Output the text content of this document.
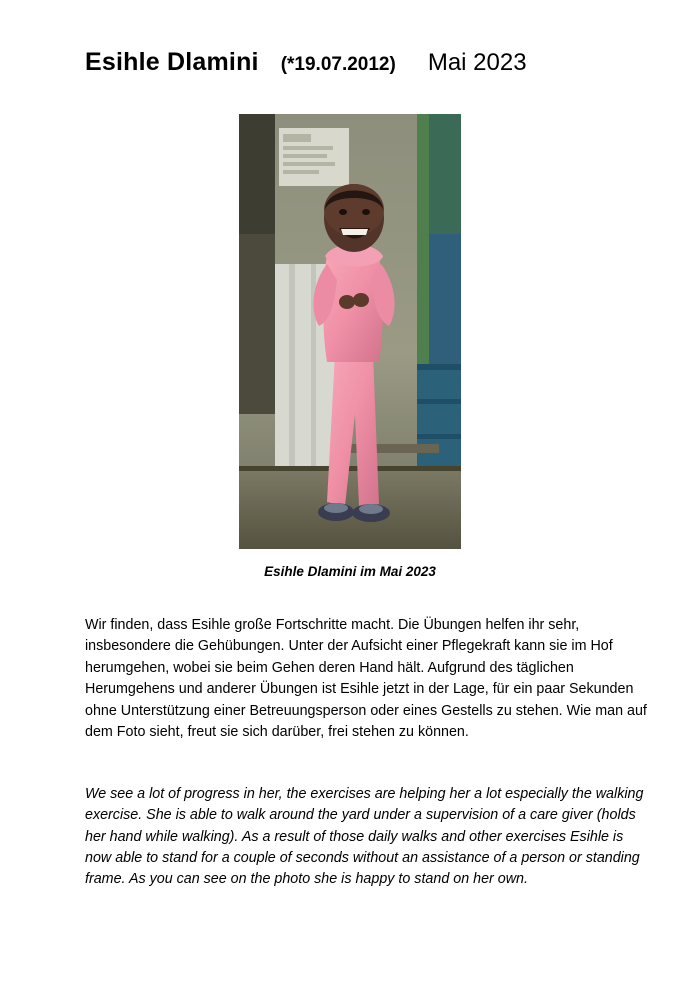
Esihle Dlamini (*19.07.2012) Mai 2023
Esihle Dlamini im Mai 2023

Wir finden, dass Esihle große Fortschritte macht. Die Übungen helfen ihr sehr, insbesondere die Gehübungen. Unter der Aufsicht einer Pflegekraft kann sie im Hof herumgehen, wobei sie beim Gehen deren Hand hält. Aufgrund des täglichen Herumgehens und anderer Übungen ist Esihle jetzt in der Lage, für ein paar Sekunden ohne Unterstützung einer Betreuungsperson oder eines Gestells zu stehen. Wie man auf dem Foto sieht, freut sie sich darüber, frei stehen zu können.

We see a lot of progress in her, the exercises are helping her a lot especially the walking exercise. She is able to walk around the yard under a supervision of a care giver (holds her hand while walking). As a result of those daily walks and other exercises Esihle is now able to stand for a couple of seconds without an assistance of a person or standing frame. As you can see on the photo she is happy to stand on her own.
